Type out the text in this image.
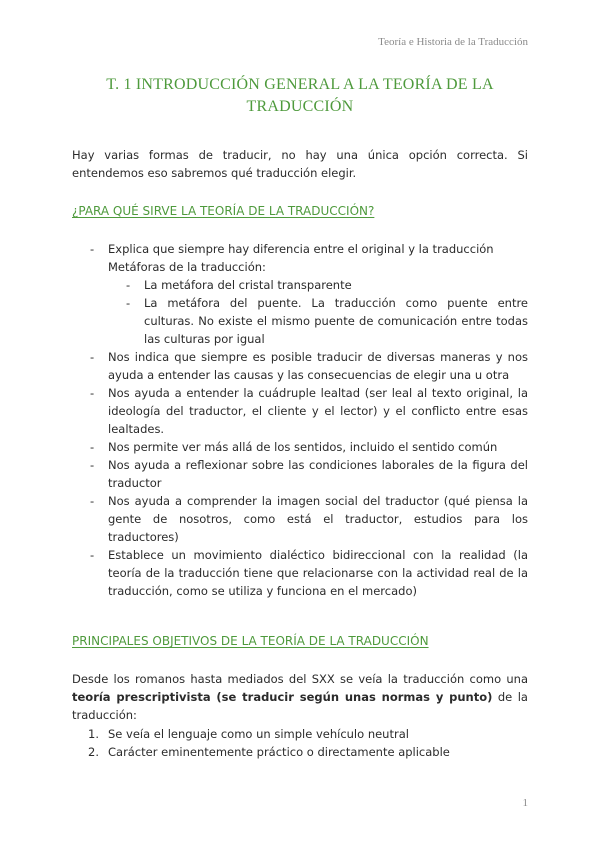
Teoría e Historia de la Traducción
T. 1 INTRODUCCIÓN GENERAL A LA TEORÍA DE LA
TRADUCCIÓN
Hay varias formas de traducir, no hay una única opción correcta. Si entendemos eso sabremos qué traducción elegir.
¿PARA QUÉ SIRVE LA TEORÍA DE LA TRADUCCIÓN?
- Explica que siempre hay diferencia entre el original y la traducción
Metáforas de la traducción:
- La metáfora del cristal transparente
- La metáfora del puente. La traducción como puente entre culturas. No existe el mismo puente de comunicación entre todas las culturas por igual
- Nos indica que siempre es posible traducir de diversas maneras y nos ayuda a entender las causas y las consecuencias de elegir una u otra
- Nos ayuda a entender la cuádruple lealtad (ser leal al texto original, la ideología del traductor, el cliente y el lector) y el conflicto entre esas lealtades.
- Nos permite ver más allá de los sentidos, incluido el sentido común
- Nos ayuda a reflexionar sobre las condiciones laborales de la figura del traductor
- Nos ayuda a comprender la imagen social del traductor (qué piensa la gente de nosotros, como está el traductor, estudios para los traductores)
- Establece un movimiento dialéctico bidireccional con la realidad (la teoría de la traducción tiene que relacionarse con la actividad real de la traducción, como se utiliza y funciona en el mercado)
PRINCIPALES OBJETIVOS DE LA TEORÍA DE LA TRADUCCIÓN
Desde los romanos hasta mediados del SXX se veía la traducción como una teoría prescriptivista (se traducir según unas normas y punto) de la traducción:
1. Se veía el lenguaje como un simple vehículo neutral
2. Carácter eminentemente práctico o directamente aplicable
1
